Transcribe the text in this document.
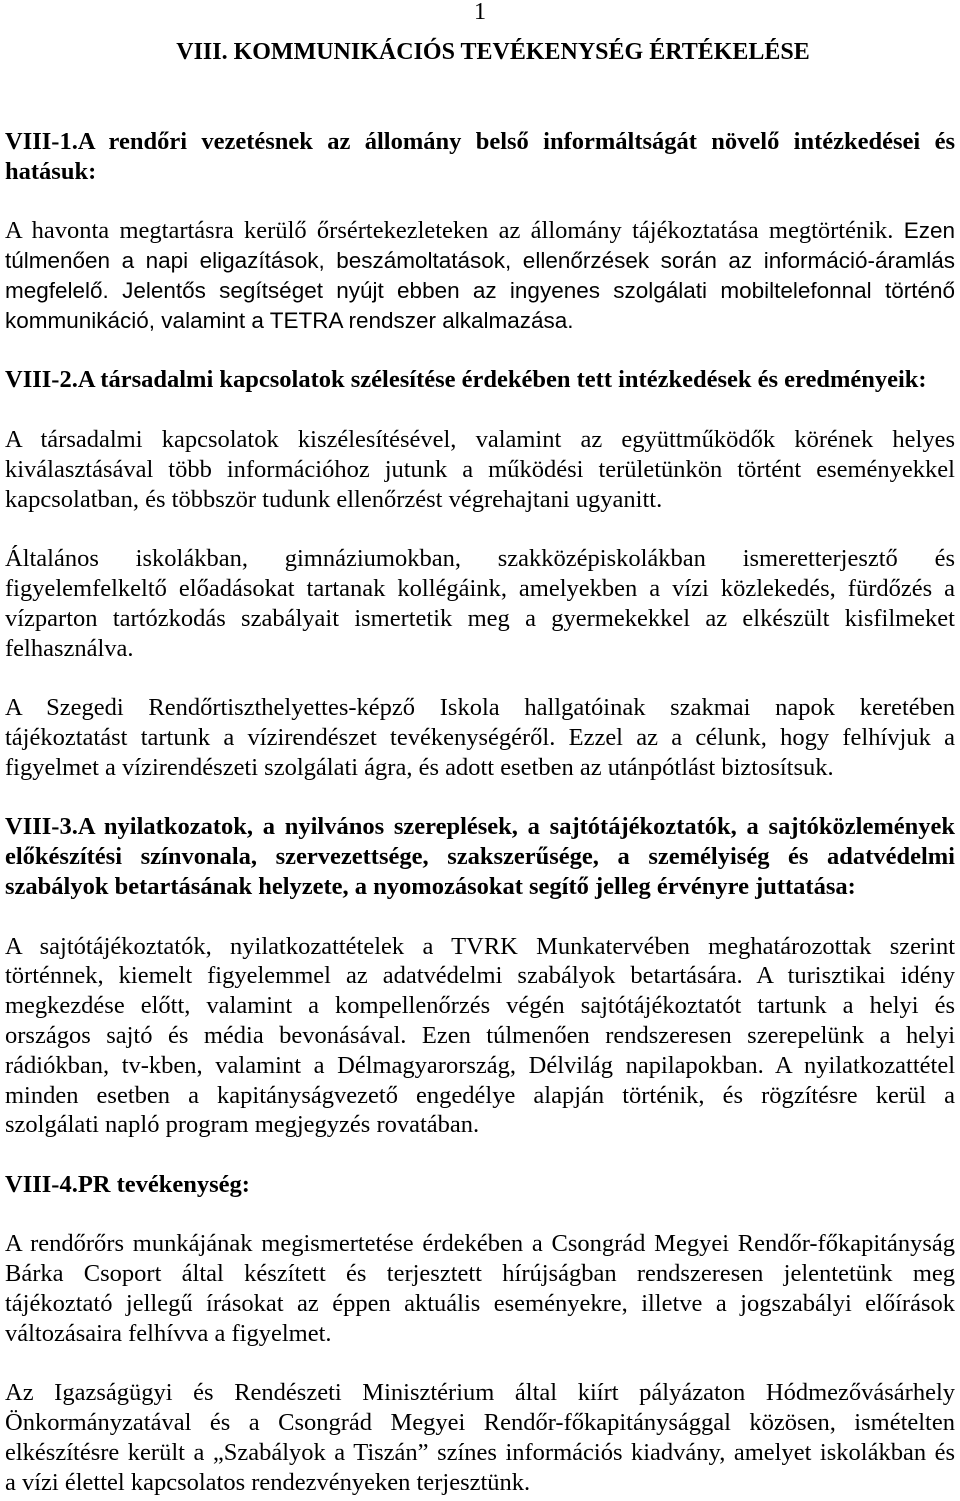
1
VIII. KOMMUNIKÁCIÓS TEVÉKENYSÉG ÉRTÉKELÉSE
VIII-1.A rendőri vezetésnek az állomány belső informáltságát növelő intézkedései és
hatásuk:
A havonta megtartásra kerülő őrsértekezleteken az állomány tájékoztatása megtörténik. Ezen
túlmenően a napi eligazítások, beszámoltatások, ellenőrzések során az információ-áramlás
megfelelő. Jelentős segítséget nyújt ebben az ingyenes szolgálati mobiltelefonnal történő
kommunikáció, valamint a TETRA rendszer alkalmazása.
VIII-2.A társadalmi kapcsolatok szélesítése érdekében tett intézkedések és eredményeik:
A társadalmi kapcsolatok kiszélesítésével, valamint az együttműködők körének helyes
kiválasztásával több információhoz jutunk a működési területünkön történt eseményekkel
kapcsolatban, és többször tudunk ellenőrzést végrehajtani ugyanitt.
Általános iskolákban, gimnáziumokban, szakközépiskolákban ismeretterjesztő és
figyelemfelkeltő előadásokat tartanak kollégáink, amelyekben a vízi közlekedés, fürdőzés a
vízparton tartózkodás szabályait ismertetik meg a gyermekekkel az elkészült kisfilmeket
felhasználva.
A Szegedi Rendőrtiszthelyettes-képző Iskola hallgatóinak szakmai napok keretében
tájékoztatást tartunk a vízirendészet tevékenységéről. Ezzel az a célunk, hogy felhívjuk a
figyelmet a vízirendészeti szolgálati ágra, és adott esetben az utánpótlást biztosítsuk.
VIII-3.A nyilatkozatok, a nyilvános szereplések, a sajtótájékoztatók, a sajtóközlemények
előkészítési színvonala, szervezettsége, szakszerűsége, a személyiség és adatvédelmi
szabályok betartásának helyzete, a nyomozásokat segítő jelleg érvényre juttatása:
A sajtótájékoztatók, nyilatkozattételek a TVRK Munkatervében meghatározottak szerint
történnek, kiemelt figyelemmel az adatvédelmi szabályok betartására. A turisztikai idény
megkezdése előtt, valamint a kompellenőrzés végén sajtótájékoztatót tartunk a helyi és
országos sajtó és média bevonásával. Ezen túlmenően rendszeresen szerepelünk a helyi
rádiókban, tv-kben, valamint a Délmagyarország, Délvilág napilapokban. A nyilatkozattétel
minden esetben a kapitányságvezető engedélye alapján történik, és rögzítésre kerül a
szolgálati napló program megjegyzés rovatában.
VIII-4.PR tevékenység:
A rendőrőrs munkájának megismertetése érdekében a Csongrád Megyei Rendőr-főkapitányság
Bárka Csoport által készített és terjesztett hírújságban rendszeresen jelentetünk meg
tájékoztató jellegű írásokat az éppen aktuális eseményekre, illetve a jogszabályi előírások
változásaira felhívva a figyelmet.
Az Igazságügyi és Rendészeti Minisztérium által kiírt pályázaton Hódmezővásárhely
Önkormányzatával és a Csongrád Megyei Rendőr-főkapitánysággal közösen, ismételten
elkészítésre került a „Szabályok a Tiszán” színes információs kiadvány, amelyet iskolákban és
a vízi élettel kapcsolatos rendezvényeken terjesztünk.
